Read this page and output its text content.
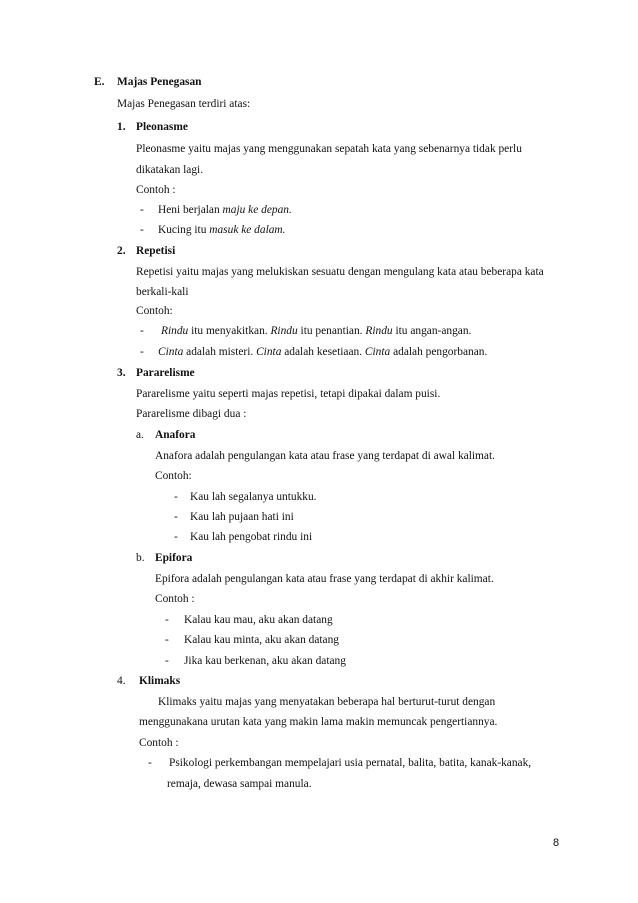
E. Majas Penegasan
Majas Penegasan terdiri atas:
1. Pleonasme
Pleonasme yaitu majas yang menggunakan sepatah kata yang sebenarnya tidak perlu
dikatakan lagi.
Contoh :
- Heni berjalan maju ke depan.
- Kucing itu masuk ke dalam.
2. Repetisi
Repetisi yaitu majas yang melukiskan sesuatu dengan mengulang kata atau beberapa kata
berkali-kali
Contoh:
- Rindu itu menyakitkan. Rindu itu penantian. Rindu itu angan-angan.
- Cinta adalah misteri. Cinta adalah kesetiaan. Cinta adalah pengorbanan.
3. Pararelisme
Pararelisme yaitu seperti majas repetisi, tetapi dipakai dalam puisi.
Pararelisme dibagi dua :
a. Anafora
Anafora adalah pengulangan kata atau frase yang terdapat di awal kalimat.
Contoh:
- Kau lah segalanya untukku.
- Kau lah pujaan hati ini
- Kau lah pengobat rindu ini
b. Epifora
Epifora adalah pengulangan kata atau frase yang terdapat di akhir kalimat.
Contoh :
- Kalau kau mau, aku akan datang
- Kalau kau minta, aku akan datang
- Jika kau berkenan, aku akan datang
4. Klimaks
Klimaks yaitu majas yang menyatakan beberapa hal berturut-turut dengan
menggunakana urutan kata yang makin lama makin memuncak pengertiannya.
Contoh :
- Psikologi perkembangan mempelajari usia pernatal, balita, batita, kanak-kanak,
remaja, dewasa sampai manula.
8
